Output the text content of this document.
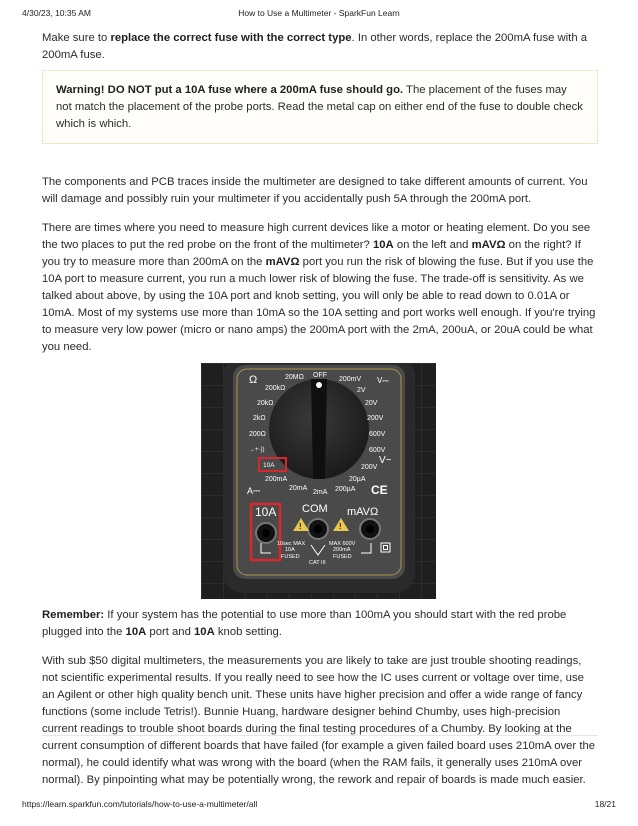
4/30/23, 10:35 AM	How to Use a Multimeter - SparkFun Learn

Make sure to replace the correct fuse with the correct type. In other words, replace the 200mA fuse with a 200mA fuse.

Warning! DO NOT put a 10A fuse where a 200mA fuse should go. The placement of the fuses may not match the placement of the probe ports. Read the metal cap on either end of the fuse to double check which is which.

The components and PCB traces inside the multimeter are designed to take different amounts of current. You will damage and possibly ruin your multimeter if you accidentally push 5A through the 200mA port.

There are times where you need to measure high current devices like a motor or heating element. Do you see the two places to put the red probe on the front of the multimeter? 10A on the left and mAVΩ on the right? If you try to measure more than 200mA on the mAVΩ port you run the risk of blowing the fuse. But if you use the 10A port to measure current, you run a much lower risk of blowing the fuse. The trade-off is sensitivity. As we talked about above, by using the 10A port and knob setting, you will only be able to read down to 0.01A or 10mA. Most of my systems use more than 10mA so the 10A setting and port works well enough. If you're trying to measure very low power (micro or nano amps) the 200mA port with the 2mA, 200uA, or 20uA could be what you need.

Ω	20MΩ OFF
200mV V⎓
200kΩ	2V
20kΩ	20V
2kΩ	200V
200Ω	600V
→+·))	600V
10A	200V
V~
200mA	20µA
A⎓	20mA
2mA 200µA CE
10A COM mAVΩ
!	!
10sec MAX
10A
FUSED
MAX 600V
200mA
FUSED
CAT III

Remember: If your system has the potential to use more than 100mA you should start with the red probe plugged into the 10A port and 10A knob setting.

With sub $50 digital multimeters, the measurements you are likely to take are just trouble shooting readings, not scientific experimental results. If you really need to see how the IC uses current or voltage over time, use an Agilent or other high quality bench unit. These units have higher precision and offer a wide range of fancy functions (some include Tetris!). Bunnie Huang, hardware designer behind Chumby, uses high-precision current readings to trouble shoot boards during the final testing procedures of a Chumby. By looking at the current consumption of different boards that have failed (for example a given failed board uses 210mA over the normal), he could identify what was wrong with the board (when the RAM fails, it generally uses 210mA over normal). By pinpointing what may be potentially wrong, the rework and repair of boards is made much easier.

https://learn.sparkfun.com/tutorials/how-to-use-a-multimeter/all	18/21
